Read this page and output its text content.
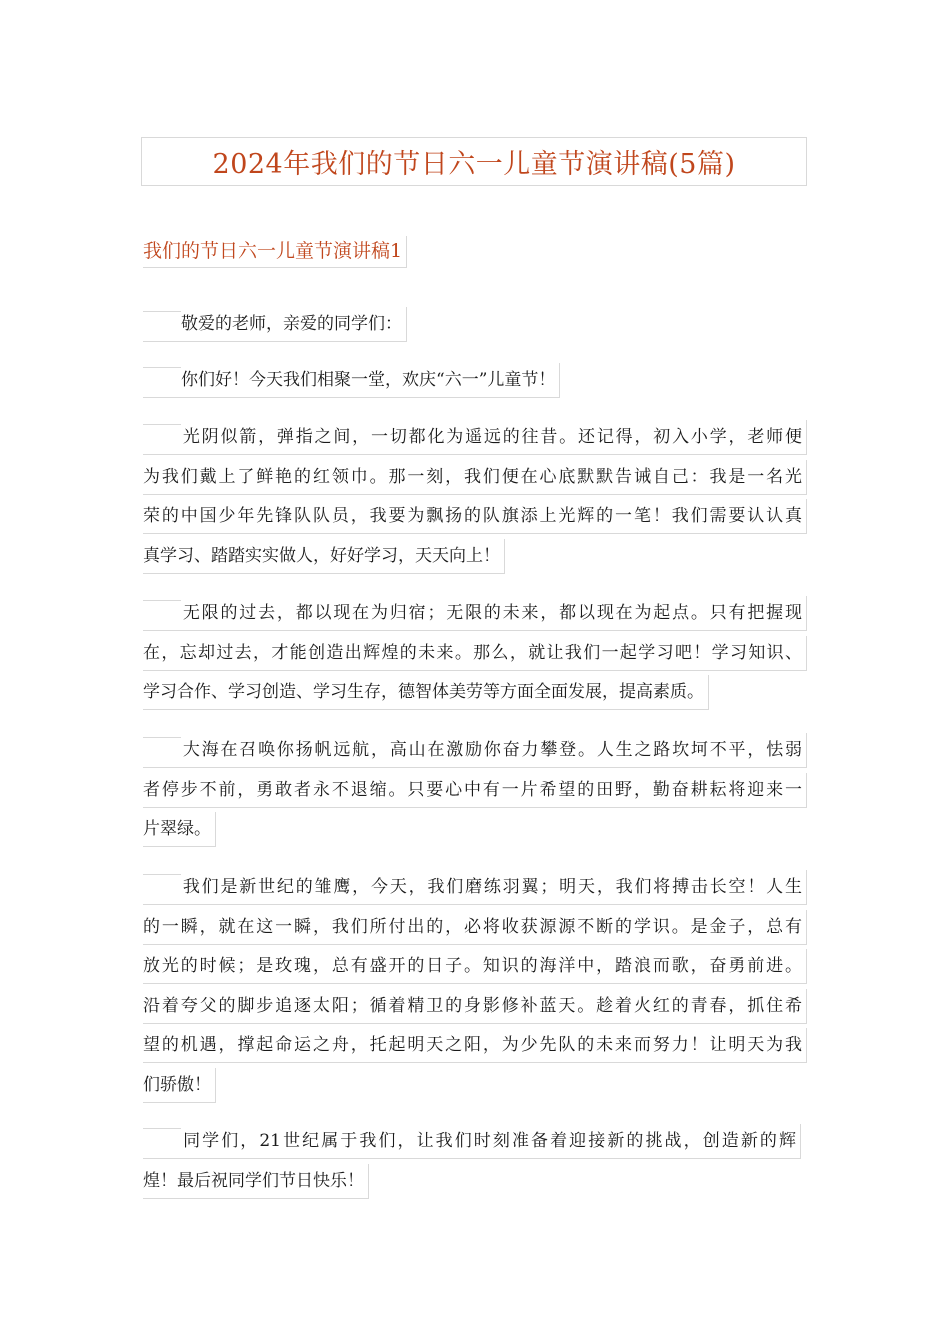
2024年我们的节日六一儿童节演讲稿(5篇)
我们的节日六一儿童节演讲稿1
敬爱的老师，亲爱的同学们：
你们好！今天我们相聚一堂，欢庆“六一”儿童节！
光阴似箭，弹指之间，一切都化为遥远的往昔。还记得，初入小学，老师便
为我们戴上了鲜艳的红领巾。那一刻，我们便在心底默默告诫自己：我是一名光
荣的中国少年先锋队队员，我要为飘扬的队旗添上光辉的一笔！我们需要认认真
真学习、踏踏实实做人，好好学习，天天向上！
无限的过去，都以现在为归宿；无限的未来，都以现在为起点。只有把握现
在，忘却过去，才能创造出辉煌的未来。那么，就让我们一起学习吧！学习知识、
学习合作、学习创造、学习生存，德智体美劳等方面全面发展，提高素质。
大海在召唤你扬帆远航，高山在激励你奋力攀登。人生之路坎坷不平，怯弱
者停步不前，勇敢者永不退缩。只要心中有一片希望的田野，勤奋耕耘将迎来一
片翠绿。
我们是新世纪的雏鹰，今天，我们磨练羽翼；明天，我们将搏击长空！人生
的一瞬，就在这一瞬，我们所付出的，必将收获源源不断的学识。是金子，总有
放光的时候；是玫瑰，总有盛开的日子。知识的海洋中，踏浪而歌，奋勇前进。
沿着夸父的脚步追逐太阳；循着精卫的身影修补蓝天。趁着火红的青春，抓住希
望的机遇，撑起命运之舟，托起明天之阳，为少先队的未来而努力！让明天为我
们骄傲！
同学们，21世纪属于我们，让我们时刻准备着迎接新的挑战，创造新的辉
煌！最后祝同学们节日快乐！
